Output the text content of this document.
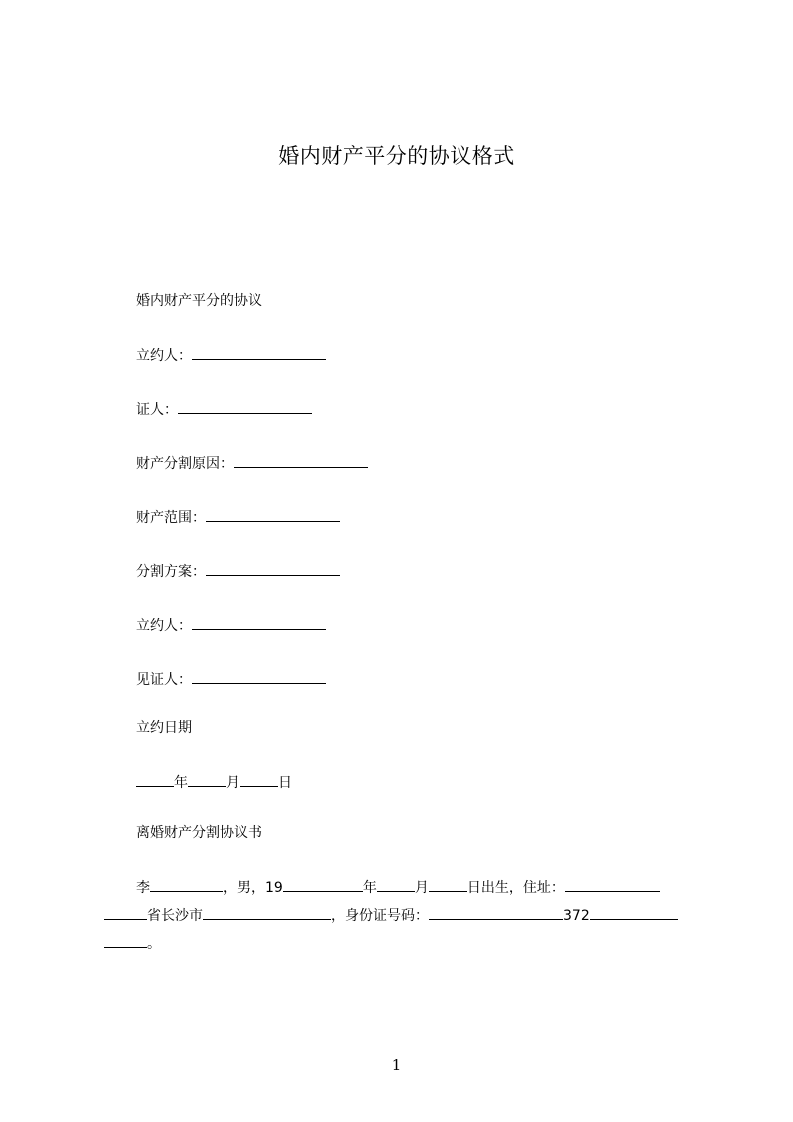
婚内财产平分的协议格式
婚内财产平分的协议
立约人：
证人：
财产分割原因：
财产范围：
分割方案：
立约人：
见证人：
立约日期
年	月	日
离婚财产分割协议书
李	，男，19	年	月	日出生，住址：
省长沙市	，身份证号码：	372
。
1
